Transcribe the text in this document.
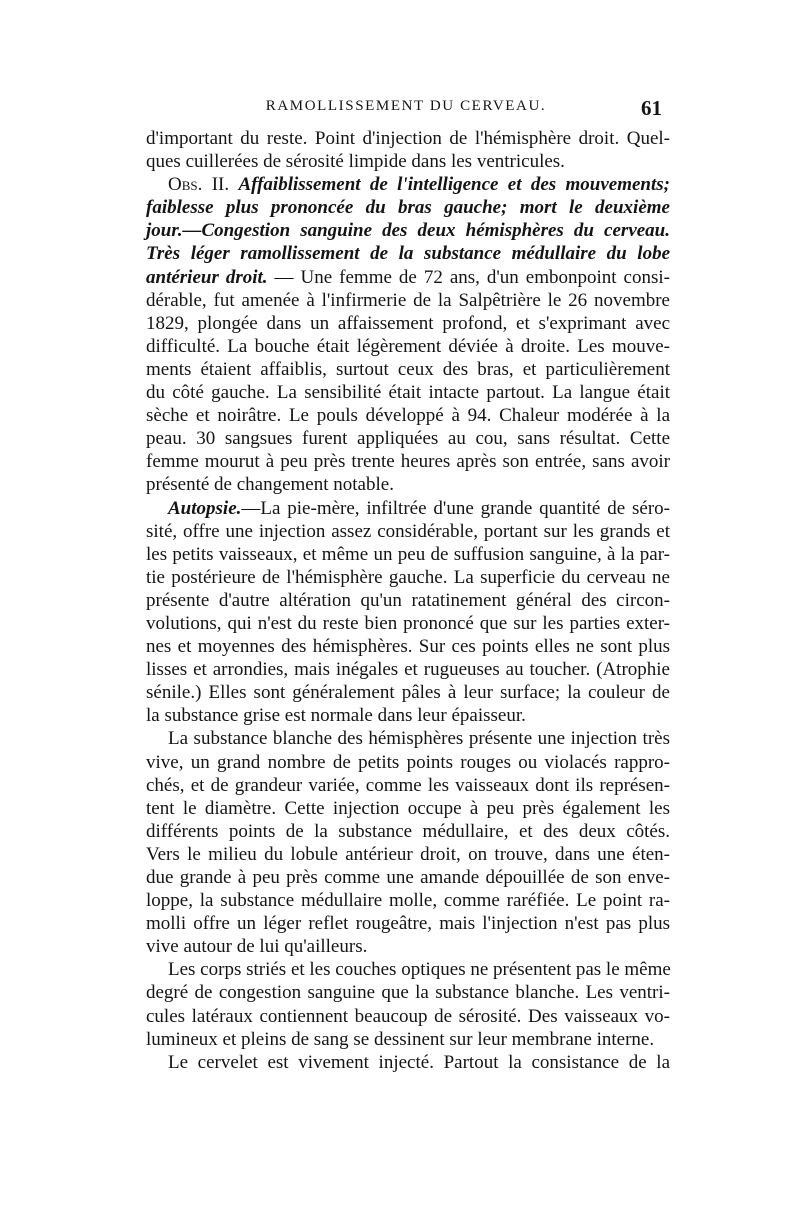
RAMOLLISSEMENT DU CERVEAU.	61
d'important du reste. Point d'injection de l'hémisphère droit. Quel-
ques cuillerées de sérosité limpide dans les ventricules.
Obs. II. Affaiblissement de l'intelligence et des mouvements;
faiblesse plus prononcée du bras gauche; mort le deuxième
jour.—Congestion sanguine des deux hémisphères du cerveau.
Très léger ramollissement de la substance médullaire du lobe
antérieur droit. — Une femme de 72 ans, d'un embonpoint consi-
dérable, fut amenée à l'infirmerie de la Salpêtrière le 26 novembre
1829, plongée dans un affaissement profond, et s'exprimant avec
difficulté. La bouche était légèrement déviée à droite. Les mouve-
ments étaient affaiblis, surtout ceux des bras, et particulièrement
du côté gauche. La sensibilité était intacte partout. La langue était
sèche et noirâtre. Le pouls développé à 94. Chaleur modérée à la
peau. 30 sangsues furent appliquées au cou, sans résultat. Cette
femme mourut à peu près trente heures après son entrée, sans avoir
présenté de changement notable.
Autopsie.—La pie-mère, infiltrée d'une grande quantité de séro-
sité, offre une injection assez considérable, portant sur les grands et
les petits vaisseaux, et même un peu de suffusion sanguine, à la par-
tie postérieure de l'hémisphère gauche. La superficie du cerveau ne
présente d'autre altération qu'un ratatinement général des circon-
volutions, qui n'est du reste bien prononcé que sur les parties exter-
nes et moyennes des hémisphères. Sur ces points elles ne sont plus
lisses et arrondies, mais inégales et rugueuses au toucher. (Atrophie
sénile.) Elles sont généralement pâles à leur surface; la couleur de
la substance grise est normale dans leur épaisseur.
La substance blanche des hémisphères présente une injection très
vive, un grand nombre de petits points rouges ou violacés rappro-
chés, et de grandeur variée, comme les vaisseaux dont ils représen-
tent le diamètre. Cette injection occupe à peu près également les
différents points de la substance médullaire, et des deux côtés.
Vers le milieu du lobule antérieur droit, on trouve, dans une éten-
due grande à peu près comme une amande dépouillée de son enve-
loppe, la substance médullaire molle, comme raréfiée. Le point ra-
molli offre un léger reflet rougeâtre, mais l'injection n'est pas plus
vive autour de lui qu'ailleurs.
Les corps striés et les couches optiques ne présentent pas le même
degré de congestion sanguine que la substance blanche. Les ventri-
cules latéraux contiennent beaucoup de sérosité. Des vaisseaux vo-
lumineux et pleins de sang se dessinent sur leur membrane interne.
Le cervelet est vivement injecté. Partout la consistance de la
